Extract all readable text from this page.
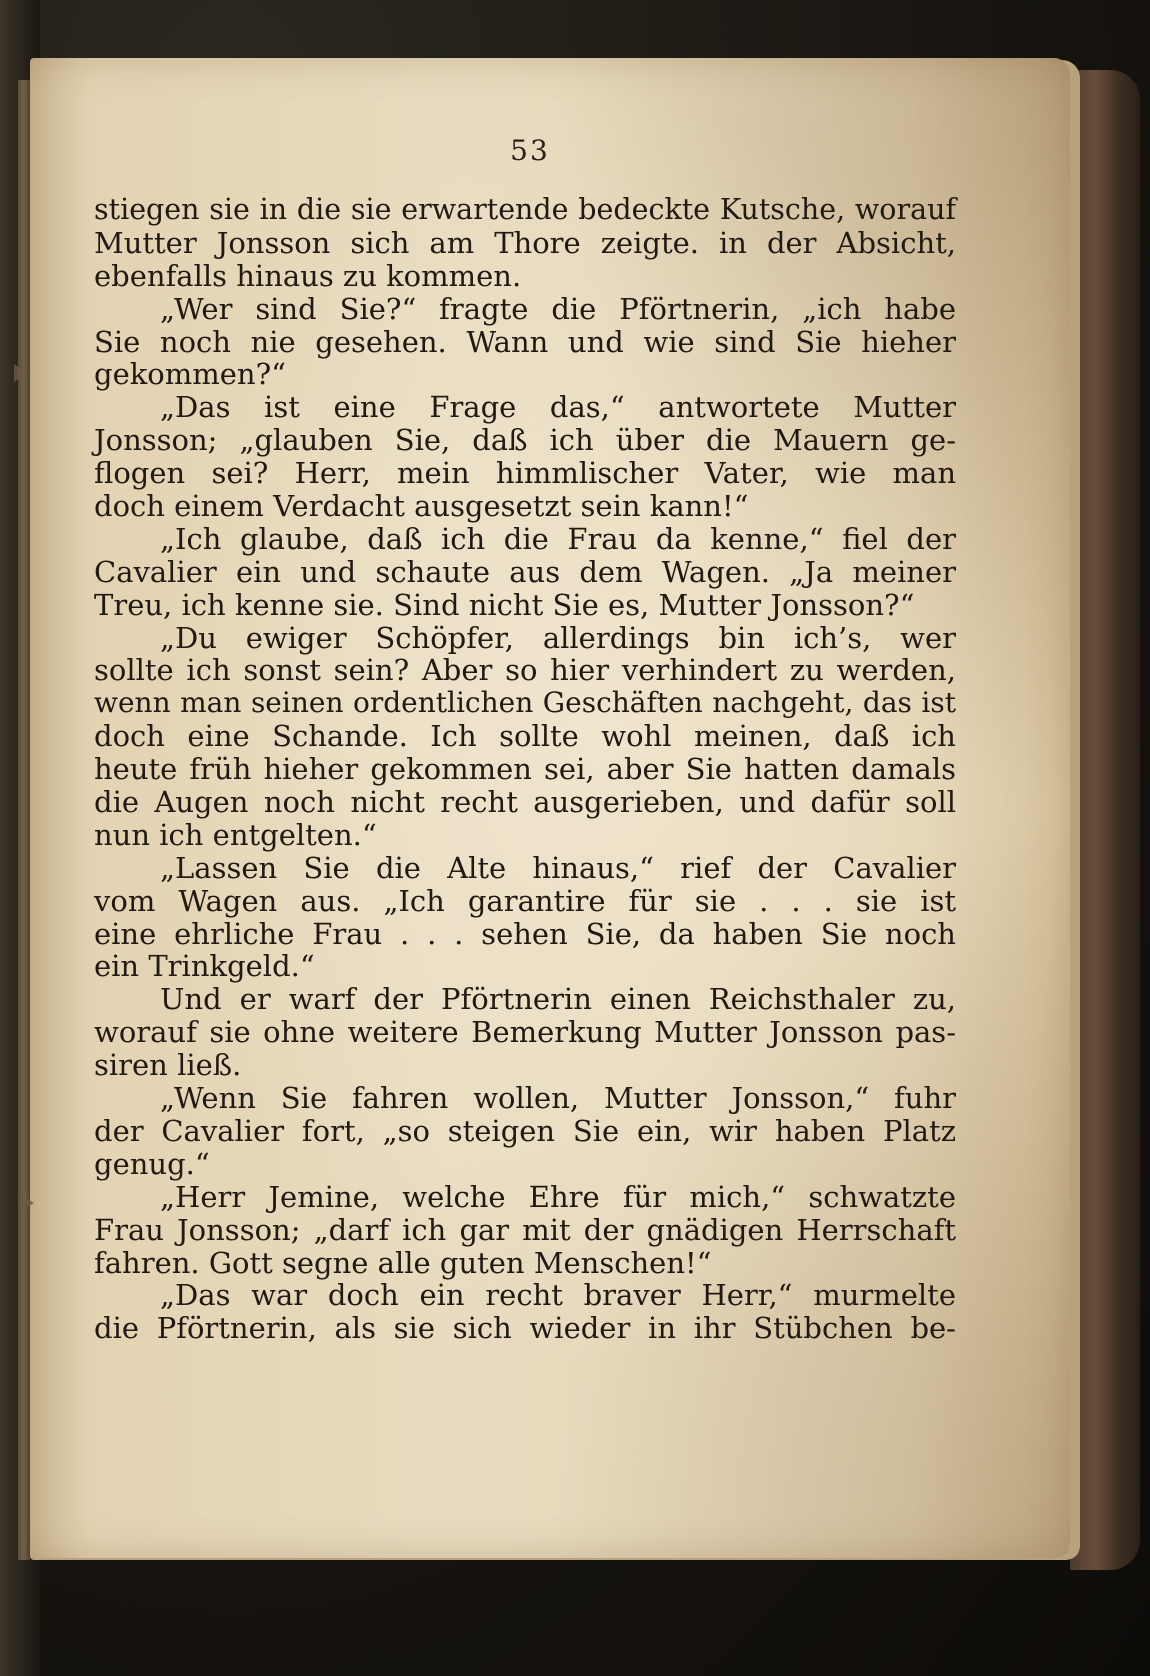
53
stiegen sie in die sie erwartende bedeckte Kutsche, worauf
Mutter Jonsson sich am Thore zeigte. in der Absicht,
ebenfalls hinaus zu kommen.
„Wer sind Sie?“ fragte die Pförtnerin, „ich habe
Sie noch nie gesehen. Wann und wie sind Sie hieher
gekommen?“
„Das ist eine Frage das,“ antwortete Mutter
Jonsson; „glauben Sie, daß ich über die Mauern ge-
flogen sei? Herr, mein himmlischer Vater, wie man
doch einem Verdacht ausgesetzt sein kann!“
„Ich glaube, daß ich die Frau da kenne,“ fiel der
Cavalier ein und schaute aus dem Wagen. „Ja meiner
Treu, ich kenne sie. Sind nicht Sie es, Mutter Jonsson?“
„Du ewiger Schöpfer, allerdings bin ich’s, wer
sollte ich sonst sein? Aber so hier verhindert zu werden,
wenn man seinen ordentlichen Geschäften nachgeht, das ist
doch eine Schande. Ich sollte wohl meinen, daß ich
heute früh hieher gekommen sei, aber Sie hatten damals
die Augen noch nicht recht ausgerieben, und dafür soll
nun ich entgelten.“
„Lassen Sie die Alte hinaus,“ rief der Cavalier
vom Wagen aus. „Ich garantire für sie . . . sie ist
eine ehrliche Frau . . . sehen Sie, da haben Sie noch
ein Trinkgeld.“
Und er warf der Pförtnerin einen Reichsthaler zu,
worauf sie ohne weitere Bemerkung Mutter Jonsson pas-
siren ließ.
„Wenn Sie fahren wollen, Mutter Jonsson,“ fuhr
der Cavalier fort, „so steigen Sie ein, wir haben Platz
genug.“
„Herr Jemine, welche Ehre für mich,“ schwatzte
Frau Jonsson; „darf ich gar mit der gnädigen Herrschaft
fahren. Gott segne alle guten Menschen!“
„Das war doch ein recht braver Herr,“ murmelte
die Pförtnerin, als sie sich wieder in ihr Stübchen be-
